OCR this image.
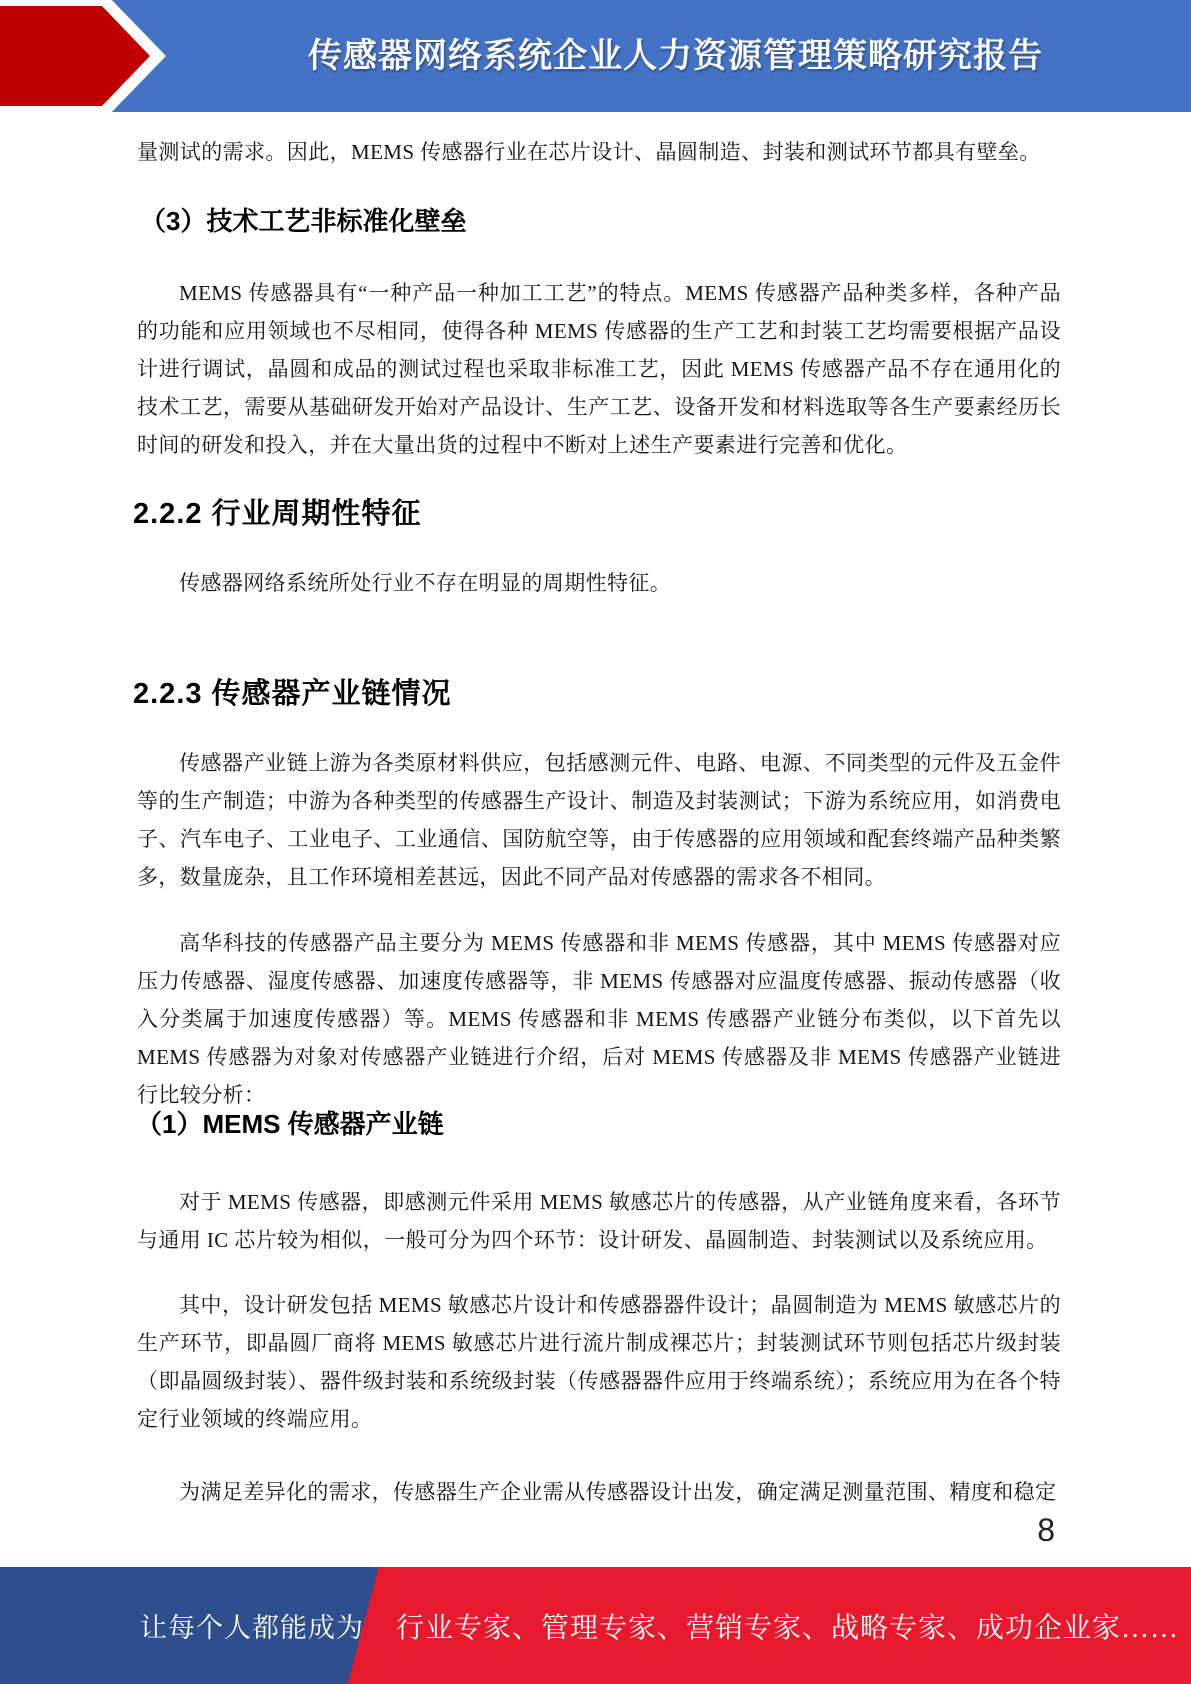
传感器网络系统企业人力资源管理策略研究报告
量测试的需求。因此，MEMS 传感器行业在芯片设计、晶圆制造、封装和测试环节都具有壁垒。
（3）技术工艺非标准化壁垒
MEMS 传感器具有“一种产品一种加工工艺”的特点。MEMS 传感器产品种类多样，各种产品的功能和应用领域也不尽相同，使得各种 MEMS 传感器的生产工艺和封装工艺均需要根据产品设计进行调试，晶圆和成品的测试过程也采取非标准工艺，因此 MEMS 传感器产品不存在通用化的技术工艺，需要从基础研发开始对产品设计、生产工艺、设备开发和材料选取等各生产要素经历长时间的研发和投入，并在大量出货的过程中不断对上述生产要素进行完善和优化。
2.2.2 行业周期性特征
传感器网络系统所处行业不存在明显的周期性特征。
2.2.3 传感器产业链情况
传感器产业链上游为各类原材料供应，包括感测元件、电路、电源、不同类型的元件及五金件等的生产制造；中游为各种类型的传感器生产设计、制造及封装测试；下游为系统应用，如消费电子、汽车电子、工业电子、工业通信、国防航空等，由于传感器的应用领域和配套终端产品种类繁多，数量庞杂，且工作环境相差甚远，因此不同产品对传感器的需求各不相同。
高华科技的传感器产品主要分为 MEMS 传感器和非 MEMS 传感器，其中 MEMS 传感器对应压力传感器、湿度传感器、加速度传感器等，非 MEMS 传感器对应温度传感器、振动传感器（收入分类属于加速度传感器）等。MEMS 传感器和非 MEMS 传感器产业链分布类似，以下首先以 MEMS 传感器为对象对传感器产业链进行介绍，后对 MEMS 传感器及非 MEMS 传感器产业链进行比较分析：
（1）MEMS 传感器产业链
对于 MEMS 传感器，即感测元件采用 MEMS 敏感芯片的传感器，从产业链角度来看，各环节与通用 IC 芯片较为相似，一般可分为四个环节：设计研发、晶圆制造、封装测试以及系统应用。
其中，设计研发包括 MEMS 敏感芯片设计和传感器器件设计；晶圆制造为 MEMS 敏感芯片的生产环节，即晶圆厂商将 MEMS 敏感芯片进行流片制成裸芯片；封装测试环节则包括芯片级封装（即晶圆级封装）、器件级封装和系统级封装（传感器器件应用于终端系统）；系统应用为在各个特定行业领域的终端应用。
为满足差异化的需求，传感器生产企业需从传感器设计出发，确定满足测量范围、精度和稳定
8
让每个人都能成为 行业专家、管理专家、营销专家、战略专家、成功企业家……
